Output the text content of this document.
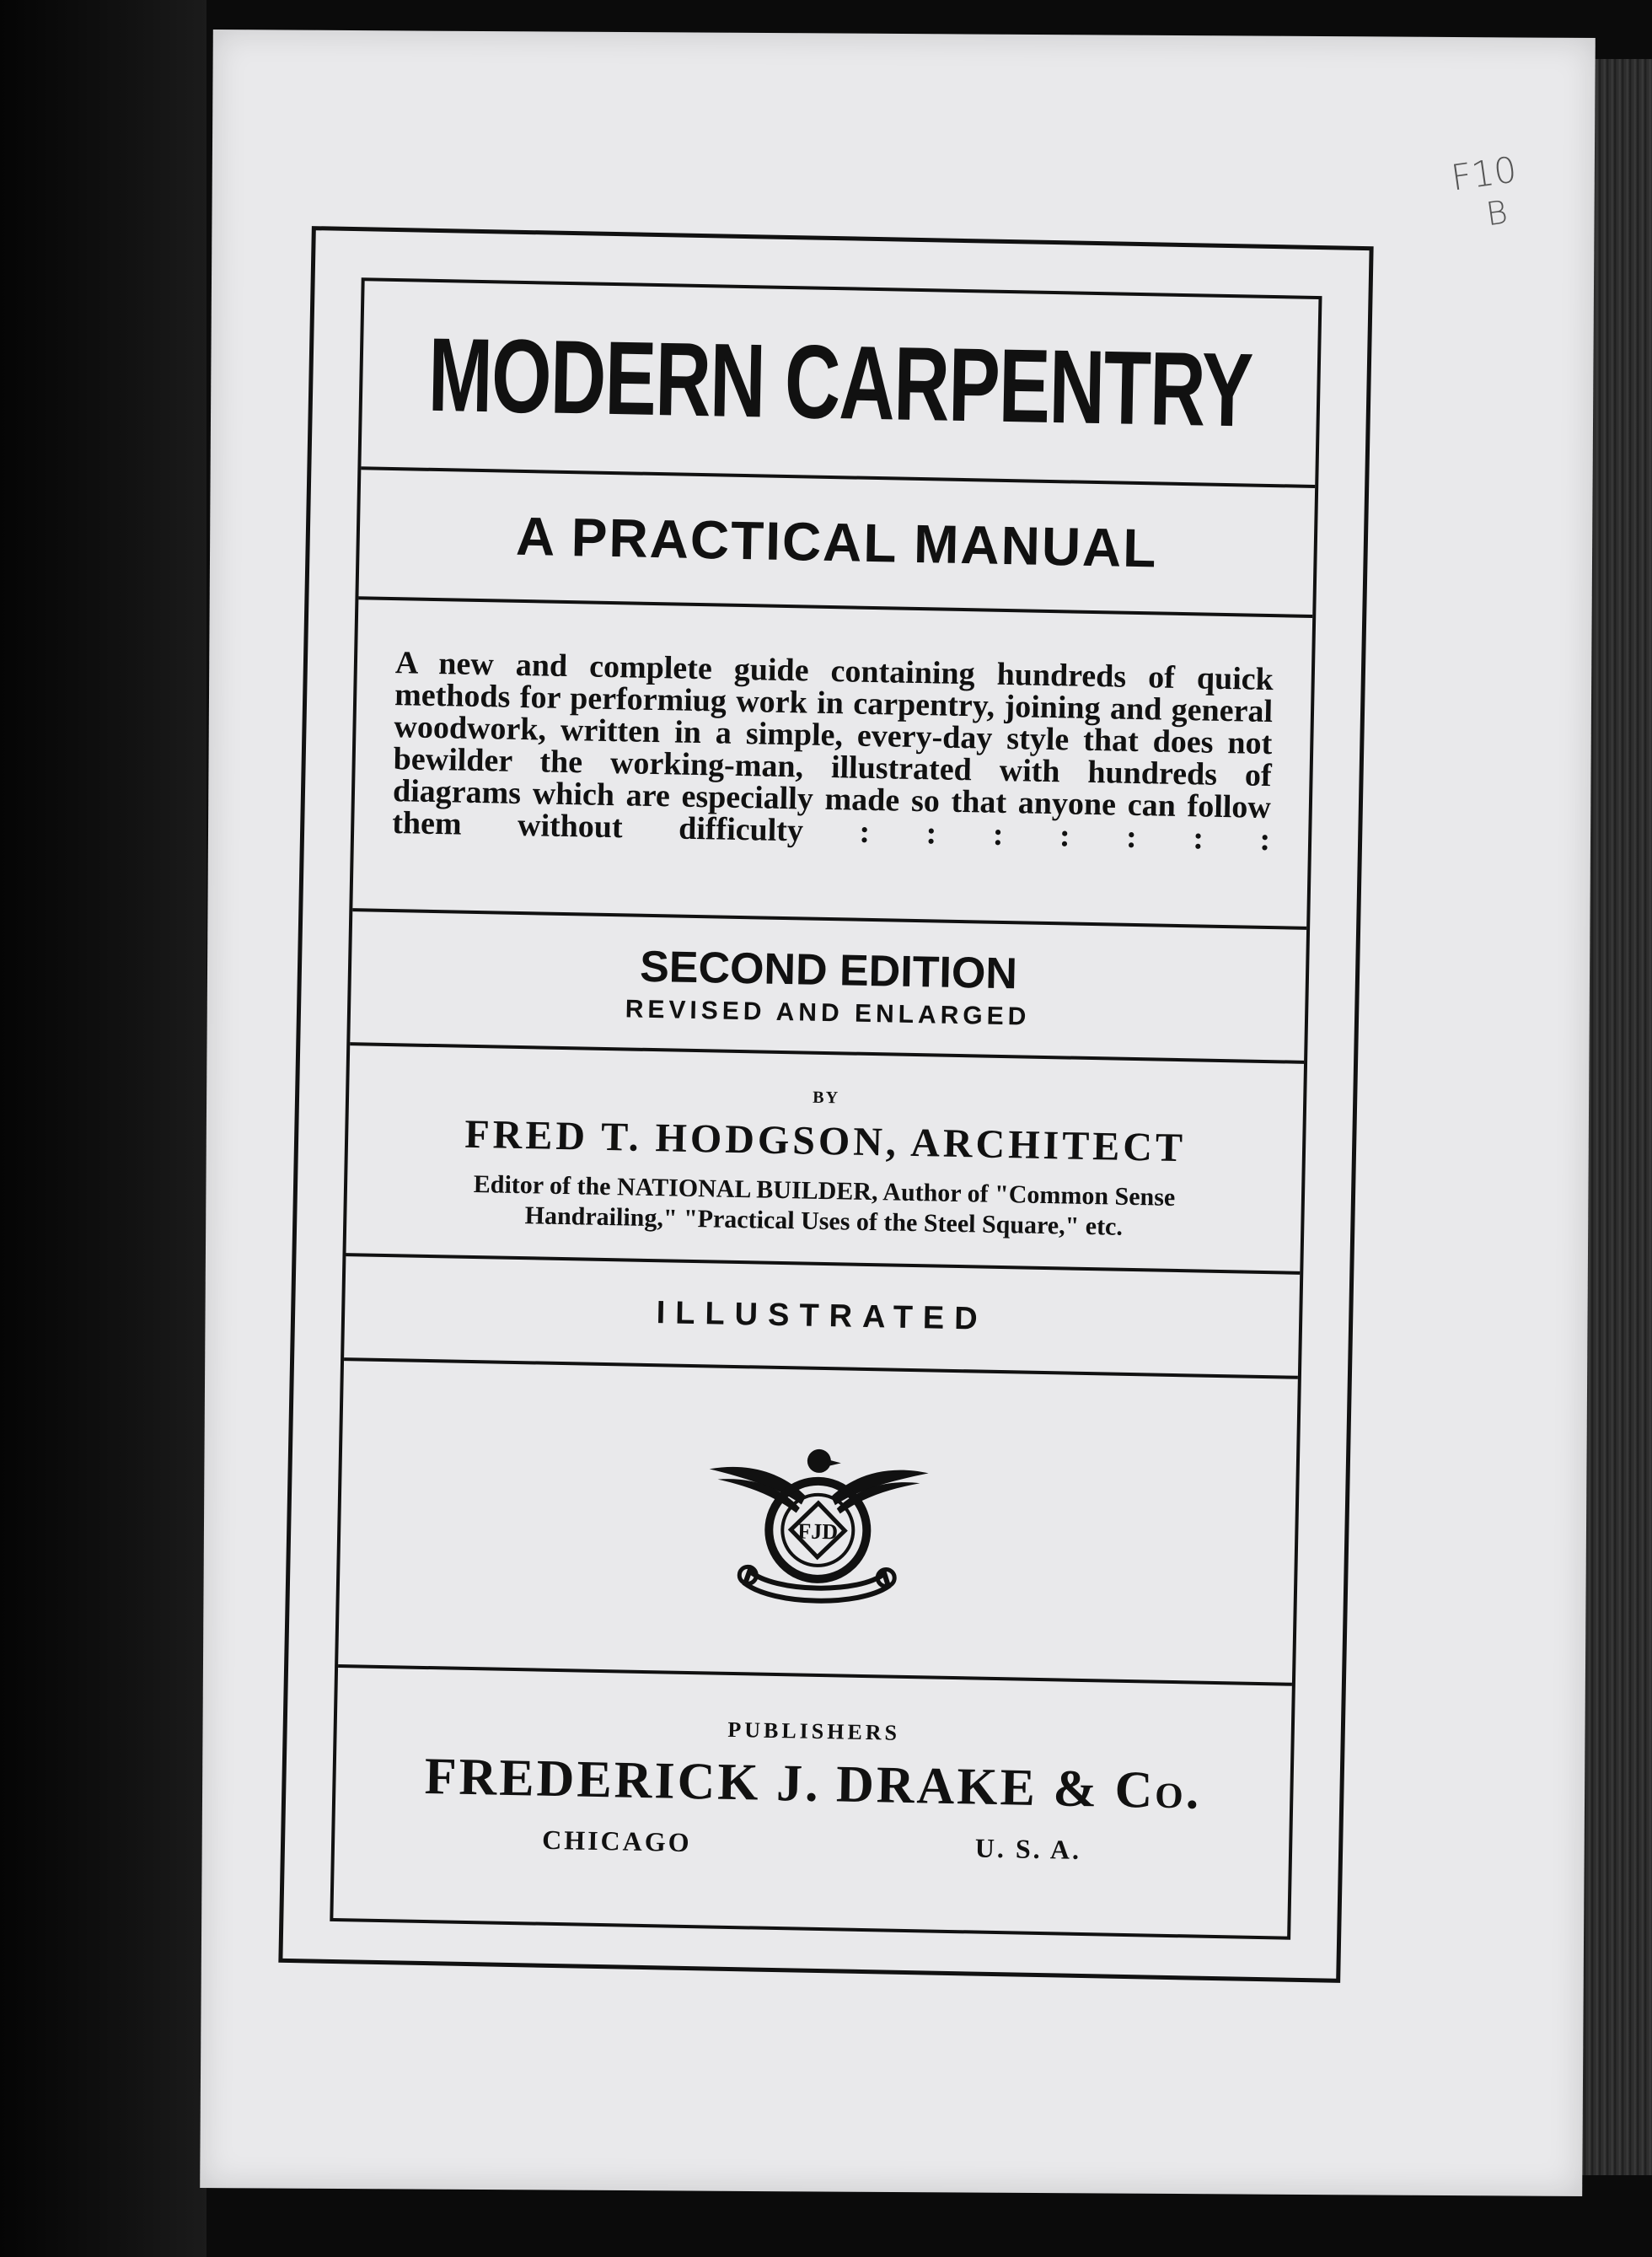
F10
B
MODERN CARPENTRY
A PRACTICAL MANUAL

A new and complete guide containing hundreds of quick methods for performiug work in carpentry, joining and general woodwork, written in a simple, every-day style that does not bewilder the working-man, illustrated with hundreds of diagrams which are especially made so that anyone can follow them without difficulty : : : : : : :

SECOND EDITION
REVISED AND ENLARGED
BY
FRED T. HODGSON, ARCHITECT
Editor of the NATIONAL BUILDER, Author of "Common Sense
Handrailing," "Practical Uses of the Steel Square," etc.
ILLUSTRATED
FJD
PUBLISHERS
FREDERICK J. DRAKE & Co.
CHICAGO	U. S. A.
